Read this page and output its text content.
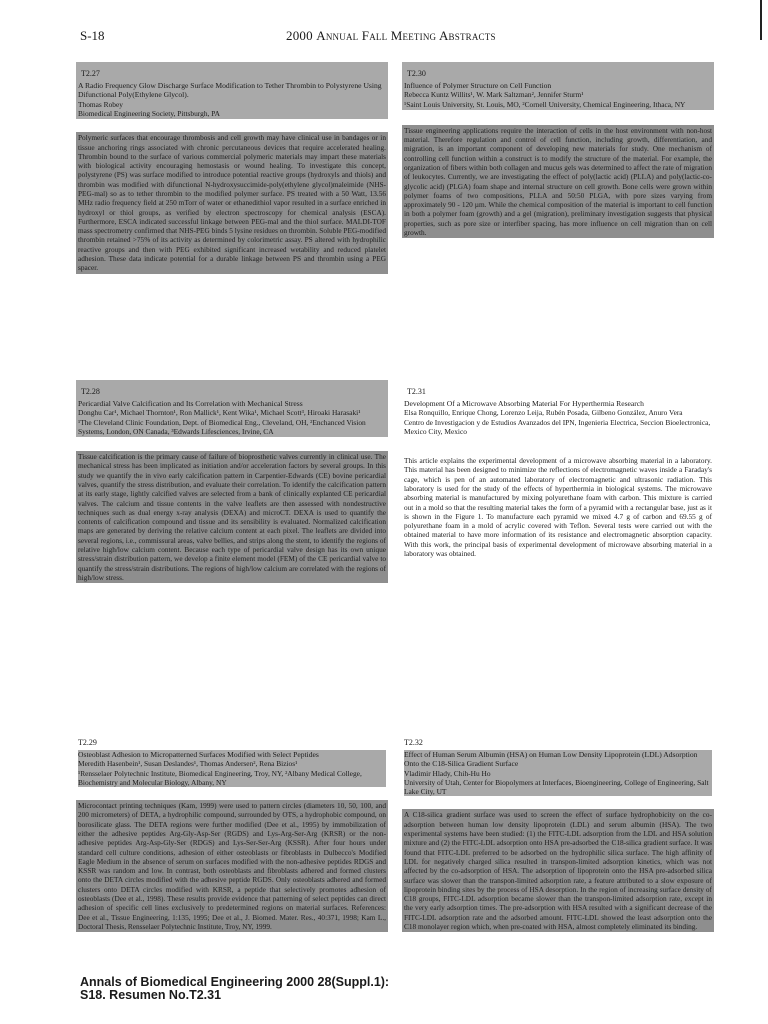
S-18	2000 Annual Fall Meeting Abstracts
T2.27

A Radio Frequency Glow Discharge Surface Modification to Tether Thrombin to Polystyrene Using Difunctional Poly(Ethylene Glycol).

Thomas Robey

Biomedical Engineering Society, Pittsburgh, PA

Polymeric surfaces that encourage thrombosis and cell growth may have clinical use in bandages or in tissue anchoring rings associated with chronic percutaneous devices that require accelerated healing. Thrombin bound to the surface of various commercial polymeric materials may impart these materials with biological activity encouraging hemostasis or wound healing. To investigate this concept, polystyrene (PS) was surface modified to introduce potential reactive groups (hydroxyls and thiols) and thrombin was modified with difunctional N-hydroxysuccimide-poly(ethylene glycol)maleimide (NHS-PEG-mal) so as to tether thrombin to the modified polymer surface. PS treated with a 50 Watt, 13.56 MHz radio frequency field at 250 mTorr of water or ethanedithiol vapor resulted in a surface enriched in hydroxyl or thiol groups, as verified by electron spectroscopy for chemical analysis (ESCA). Furthermore, ESCA indicated successful linkage between PEG-mal and the thiol surface. MALDI-TOF mass spectrometry confirmed that NHS-PEG binds 5 lysine residues on thrombin. Soluble PEG-modified thrombin retained >75% of its activity as determined by colorimetric assay. PS altered with hydrophilic reactive groups and then with PEG exhibited significant increased wetability and reduced platelet adhesion. These data indicate potential for a durable linkage between PS and thrombin using a PEG spacer.

T2.30

Influence of Polymer Structure on Cell Function

Rebecca Kuntz Willits¹, W. Mark Saltzman², Jennifer Sturm¹

¹Saint Louis University, St. Louis, MO, ²Cornell University, Chemical Engineering, Ithaca, NY

Tissue engineering applications require the interaction of cells in the host environment with non-host material. Therefore regulation and control of cell function, including growth, differentiation, and migration, is an important component of developing new materials for study. One mechanism of controlling cell function within a construct is to modify the structure of the material. For example, the organization of fibers within both collagen and mucus gels was determined to affect the rate of migration of leukocytes. Currently, we are investigating the effect of poly(lactic acid) (PLLA) and poly(lactic-co-glycolic acid) (PLGA) foam shape and internal structure on cell growth. Bone cells were grown within polymer foams of two compositions, PLLA and 50:50 PLGA, with pore sizes varying from approximately 90 - 120 µm. While the chemical composition of the material is important to cell function in both a polymer foam (growth) and a gel (migration), preliminary investigation suggests that physical properties, such as pore size or interfiber spacing, has more influence on cell migration than on cell growth.

T2.28

Pericardial Valve Calcification and Its Correlation with Mechanical Stress

Donghu Car¹, Michael Thornton¹, Ron Mallick¹, Kent Wika¹, Michael Scott³, Hiroaki Harasaki¹

¹The Cleveland Clinic Foundation, Dept. of Biomedical Eng., Cleveland, OH, ²Enchanced Vision Systems, London, ON Canada, ³Edwards Lifesciences, Irvine, CA

Tissue calcification is the primary cause of failure of bioprosthetic valves currently in clinical use. The mechanical stress has been implicated as initiation and/or acceleration factors by several groups. In this study we quantify the in vivo early calcification pattern in Carpentier-Edwards (CE) bovine pericardial valves, quantify the stress distribution, and evaluate their correlation. To identify the calcification pattern at its early stage, lightly calcified valves are selected from a bank of clinically explanted CE pericardial valves. The calcium and tissue contents in the valve leaflets are then assessed with nondestructive techniques such as dual energy x-ray analysis (DEXA) and microCT. DEXA is used to quantify the contents of calcification compound and tissue and its sensibility is evaluated. Normalized calcification maps are generated by deriving the relative calcium content at each pixel. The leaflets are divided into several regions, i.e., commissural areas, valve bellies, and strips along the stent, to identify the regions of relative high/low calcium content. Because each type of pericardial valve design has its own unique stress/strain distribution pattern, we develop a finite element model (FEM) of the CE pericardial valve to quantify the stress/strain distributions. The regions of high/low calcium are correlated with the regions of high/low stress.

T2.31

Development Of a Microwave Absorbing Material For Hyperthermia Research

Elsa Ronquillo, Enrique Chong, Lorenzo Leija, Rubén Posada, Gilbeno González, Anuro Vera

Centro de Investigacion y de Estudios Avanzados del IPN, Ingenieria Electrica, Seccion Bioelectronica, Mexico City, Mexico

This article explains the experimental development of a microwave absorbing material in a laboratory. This material has been designed to minimize the reflections of electromagnetic waves inside a Faraday's cage, which is pen of an automated laboratory of electromagnetic and ultrasonic radiation. This laboratory is used for the study of the effects of hyperthermia in biological systems. The microwave absorbing material is manufactured by mixing polyurethane foam with carbon. This mixture is carried out in a mold so that the resulting material takes the form of a pyramid with a rectangular base, just as it is shown in the Figure 1. To manufacture each pyramid we mixed 4.7 g of carbon and 69.55 g of polyurethane foam in a mold of acrylic covered with Teflon. Several tests were carried out with the obtained material to have more information of its resistance and electromagnetic absorption capacity. With this work, the principal basis of experimental development of microwave absorbing material in a laboratory was obtained.

T2.29

Osteoblast Adhesion to Micropatterned Surfaces Modified with Select Peptides

Meredith Hasenbein¹, Susan Deslandes¹, Thomas Andersen², Rena Bizios¹

¹Rensselaer Polytechnic Institute, Biomedical Engineering, Troy, NY, ²Albany Medical College, Biochemistry and Molecular Biology, Albany, NY

Microcontact printing techniques (Kam, 1999) were used to pattern circles (diameters 10, 50, 100, and 200 micrometers) of DETA, a hydrophilic compound, surrounded by OTS, a hydrophobic compound, on borosilicate glass. The DETA regions were further modified (Dee et al., 1995) by immobilization of either the adhesive peptides Arg-Gly-Asp-Ser (RGDS) and Lys-Arg-Ser-Arg (KRSR) or the non-adhesive peptides Arg-Asp-Gly-Ser (RDGS) and Lys-Ser-Ser-Arg (KSSR). After four hours under standard cell culture conditions, adhesion of either osteoblasts or fibroblasts in Dulbecco's Modified Eagle Medium in the absence of serum on surfaces modified with the non-adhesive peptides RDGS and KSSR was random and low. In contrast, both osteoblasts and fibroblasts adhered and formed clusters onto the DETA circles modified with the adhesive peptide RGDS. Only osteoblasts adhered and formed clusters onto DETA circles modified with KRSR, a peptide that selectively promotes adhesion of osteoblasts (Dee et al., 1998). These results provide evidence that patterning of select peptides can direct adhesion of specific cell lines exclusively to predetermined regions on material surfaces. References: Dee et al., Tissue Engineering, 1:135, 1995; Dee et al., J. Biomed. Mater. Res., 40:371, 1998; Kam L., Doctoral Thesis, Rensselaer Polytechnic Institute, Troy, NY, 1999.

T2.32

Effect of Human Serum Albumin (HSA) on Human Low Density Lipoprotein (LDL) Adsorption Onto the C18-Silica Gradient Surface

Vladimir Hlady, Chih-Hu Ho

University of Utah, Center for Biopolymers at Interfaces, Bioengineering, College of Engineering, Salt Lake City, UT

A C18-silica gradient surface was used to screen the effect of surface hydrophobicity on the co-adsorption between human low density lipoprotein (LDL) and serum albumin (HSA). The two experimental systems have been studied: (1) the FITC-LDL adsorption from the LDL and HSA solution mixture and (2) the FITC-LDL adsorption onto HSA pre-adsorbed the C18-silica gradient surface. It was found that FITC-LDL preferred to be adsorbed on the hydrophilic silica surface. The high affinity of LDL for negatively charged silica resulted in transpon-limited adsorption kinetics, which was not affected by the co-adsorption of HSA. The adsorption of lipoprotein onto the HSA pre-adsorbed silica surface was slower than the transpon-limited adsorption rate, a feature attributed to a slow exposure of lipoprotein binding sites by the process of HSA desorption. In the region of increasing surface density of C18 groups, FITC-LDL adsorption became slower than the transpon-limited adsorption rate, except in the very early adsorption times. The pre-adsorption with HSA resulted with a significant decrease of the FITC-LDL adsorption rate and the adsorbed amount. FITC-LDL showed the least adsorption onto the C18 monolayer region which, when pre-coated with HSA, almost completely eliminated its binding.

Annals of Biomedical Engineering 2000 28(Suppl.1):
S18. Resumen No.T2.31
